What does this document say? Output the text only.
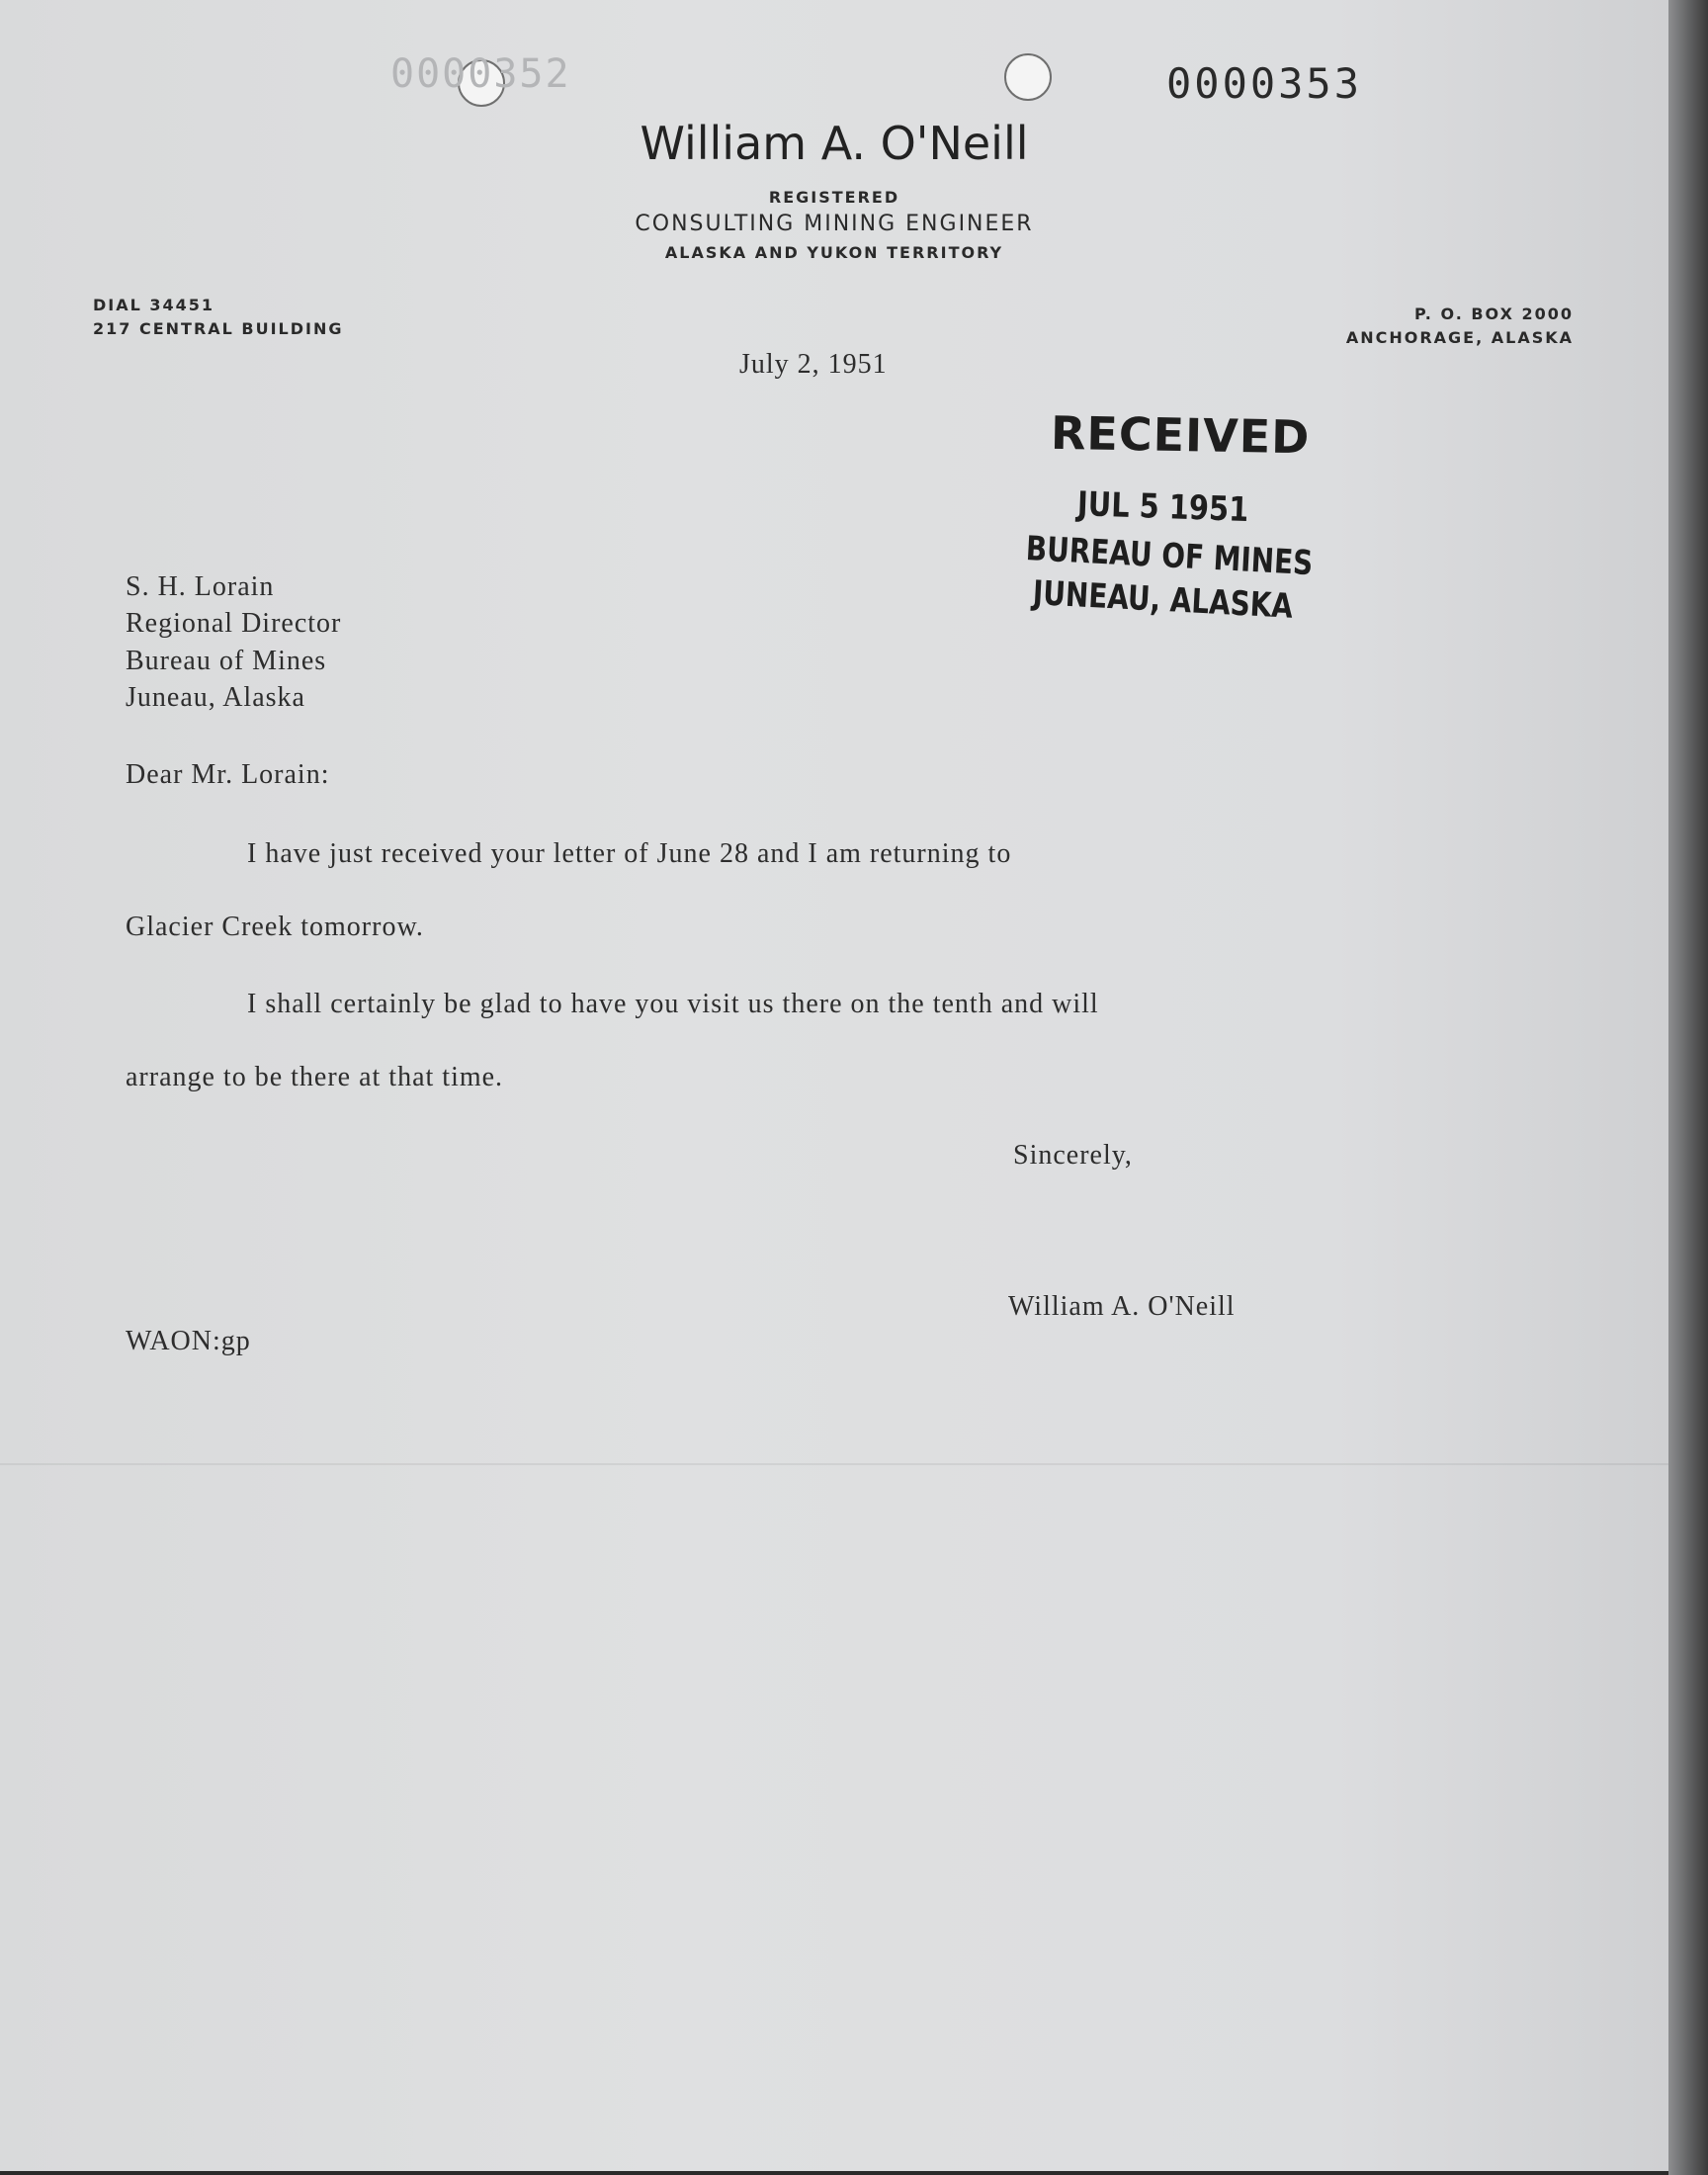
0000352	0000353
William A. O'Neill
REGISTERED
CONSULTING MINING ENGINEER
ALASKA AND YUKON TERRITORY
DIAL 34451
217 CENTRAL BUILDING
P. O. BOX 2000
ANCHORAGE, ALASKA
July 2, 1951
RECEIVED
JUL 5 1951
BUREAU OF MINES
JUNEAU, ALASKA
S. H. Lorain
Regional Director
Bureau of Mines
Juneau, Alaska
Dear Mr. Lorain:
I have just received your letter of June 28 and I am returning to
Glacier Creek tomorrow.
I shall certainly be glad to have you visit us there on the tenth and will
arrange to be there at that time.
Sincerely,
William A. O'Neill
WAON:gp
